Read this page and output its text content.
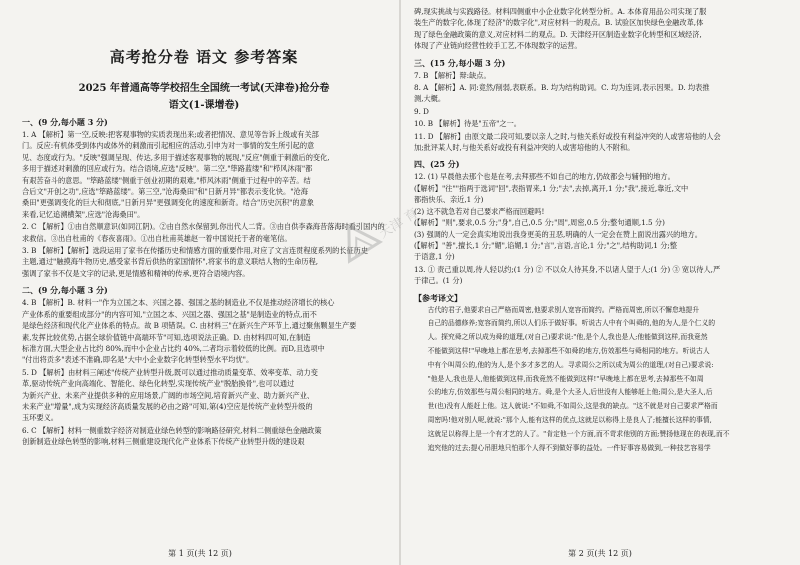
高考抢分卷 语文 参考答案
2025 年普通高等学校招生全国统一考试(天津卷)抢分卷
语文(1-课增卷)
一、(9 分,每小题 3 分)
1. A 【解析】第一空,反映:把客观事物的实质表现出来;或者把情况、意见等告诉上级或有关部
门。反应:有机体受到体内或体外的刺激而引起相应的活动,引申为对一事情的发生所引起的意
见、态度或行为。"反映"强调呈现、传达,多用于描述客观事物的展现,"反应"侧重于刺激后的变化,
多用于描述对刺激的回应或行为。结合语境,应选"反映"。第二空,"筚路蓝缕"和"栉风沐雨"都
有艰苦奋斗的意思。"筚路蓝缕"侧重于创业初期的艰难,"栉风沐雨"侧重于过程中的辛苦。结
合后文"开创之功",应选"筚路蓝缕"。第三空,"沧海桑田"和"日新月异"都表示变化快。"沧海
桑田"更强调变化的巨大和彻底,"日新月异"更强调变化的速度和新奇。结合"历史沉积"的意象
来看,记忆追溯横架",应选"沧海桑田"。
2. C 【解析】①由自然顺意识(如同江阴)。②由自然水保留到,你出代人二背。③由自供李森海昔落海时看引国内的
求救信。③出自杜甫的《春夜喜雨》。①出自杜甫英雄赵一着中国说托于者的毫笔信。
3. B 【解析】【解析】选段运用了家书在传播历史和情感方面的重要作用,对应了文言连贯程度系列的长征历史
主题,通过"触摸海牛物历史,感受家书背后供热的家国情怀",将家书的意义联结人物的生命历程,
强调了家书不仅是文字的记录,更是情感和精神的传承,更符合语境内容。
二、(9 分,每小题 3 分)
4. B 【解析】B. 材料一"作为立国之本、兴国之器、强国之基的制造业,不仅是推动经济增长的核心
产业体系的重要组成部分"的内容可知,"立国之本、兴国之器、强国之基"是制造业的特点,而不
是绿色经济和现代化产业体系的特点。故 B 项错误。C. 由材料三"在新兴生产环节上,通过聚焦颗显生产要
素,发挥比较优势,占据全球价值链中高端环节"可知,选项说法正确。D. 由材料四可知,在制造
标准方面,大型企业占比约 80%,而中小企业占比约 40%,二者均示着较低的比例。而D,且选项中
"付出将贡多"表述不准确,即名是"大中小企业数字化转型转型水平均忧"。
5. D 【解析】由材料三阐述"传统产业转型升级,既可以通过推动质量变革、效率变革、动力变
革,驱动传统产业向高端化、智能化、绿色化转型,实现传统产业"脱胎换骨",也可以通过
为新兴产业、未来产业提供多种的应用场景,广阔的市场空间,培育新兴产业、助力新兴产业、
未来产业"增量",成为实现经济高质量发展的必由之路"可知,第(4)空应是传统产业转型升级的
玉环要义。
6. C 【解析】材料一侧重数字经济对制造业绿色转型的影响路径研究,材料二侧重绿色金融政策
创新制造业绿色转型的影响,材料三侧重建设现代化产业体系下传统产业转型升级的建设艰
第 1 页(共 12 页)
碑,现实挑战与实践路径。材料四侧重中小企业数字化转型分析。A. 本体育用品公司实现了服
装生产的数字化,体现了经济"的数字化",对应材料一的观点。B. 试验区加快绿色金融改革,体
现了绿色金融政策的意义,对应材料二的观点。D. 天津经开区制造业数字化转型和区域经济,
体现了产业链向经营性较手工艺,不体现数字的运营。
三、(15 分,每小题 3 分)
7. B 【解析】辩:缺点。
8. A 【解析】A. 同:竟然/削弱,表联系。B. 均为结构助词。C. 均为连词,表示因果。D. 均表推
测,大概。
9. D
10. B 【解析】待是"五帝"之一。
11. D 【解析】由原文最二段可知,要以亲人之时,与他关系好或投有利益冲突的人或害培他的人会
加;批评某人时,与他关系好或投有利益冲突的人或害培他的人不附和。
四、(25 分)
12. (1) 早晨他去那个也是在考,去拜那些不如自己的地方,仍故都会与辅佣的地方。
(【解析】"往""指两于选词"回",表指胃来,1 分;"去",去掉,离开,1 分;"我",接近,靠近,文中
都指快乐、亲近,1 分)
(2) 这不就急若对自己要求严格而回避吗!
(【解析】"则",要求,0.5 分;"身",自己,0.5 分;"周",周密,0.5 分;整句通顺,1.5 分)
(3) 强调的人一定会真实地说出我身更美的丑恶,明确的人一定会在赞上面说出露兴的地方。
(【解析】"善",擅长,1 分;"媚",谄媚,1 分;"言",言语,言论,1 分;"之",结构助词,1 分;整
于语意,1 分)
13. ① 责己重以周,待人轻以约;(1 分) ② 不以众人待其身,不以诸人望于人;(1 分) ③ 宽以待人,严
于律己。(1 分)
【参考译文】
古代的君子,他要求自己严格而周密,他要求别人宽容而简约。严格而周密,所以不懈怠地提升
自己的品德修养;宽容而简约,所以人们乐于做好事。听说古人中有个叫舜的,他的为人,是个仁义的
人。探究舜之所以成为舜的道理,(对自己)要求说:"他,是个人,我也是人;他能做到这样,而我竟然
不能做到这样!"早晚地上都在思考,去掉那些不如舜的地方,仿效那些与舜相同的地方。听说古人
中有个叫周公的,他的为人,是个多才多艺的人。寻求周公之所以成为周公的道理,(对自己)要求说:
"他是人,我也是人,他能做到这样,而我竟然不能做到这样!"早晚地上都在思考,去掉那些不如周
公的地方,仿效那些与周公相同的地方。舜,是个大圣人,后世没有人能够赶上他;周公,是大圣人,后
世(也)没有人能赶上他。这人就说:"不如舜,不如周公,这是我的缺点。"这不就是对自己要求严格而
周密吗!他对别人呢,就说:"那个人,能有这样的优点,这就足以称得上是良人了;能擅长这样的事情,
这就足以称得上是一个有才艺的人了。"肯定他一个方面,而不苛求他别的方面;赞扬他现在的表现,而不
追究他的过去;提心吊胆地只怕那个人得不到做好事的益处。一件好事容易做到,一种技艺容易学
第 2 页(共 12 页)
天津 育
